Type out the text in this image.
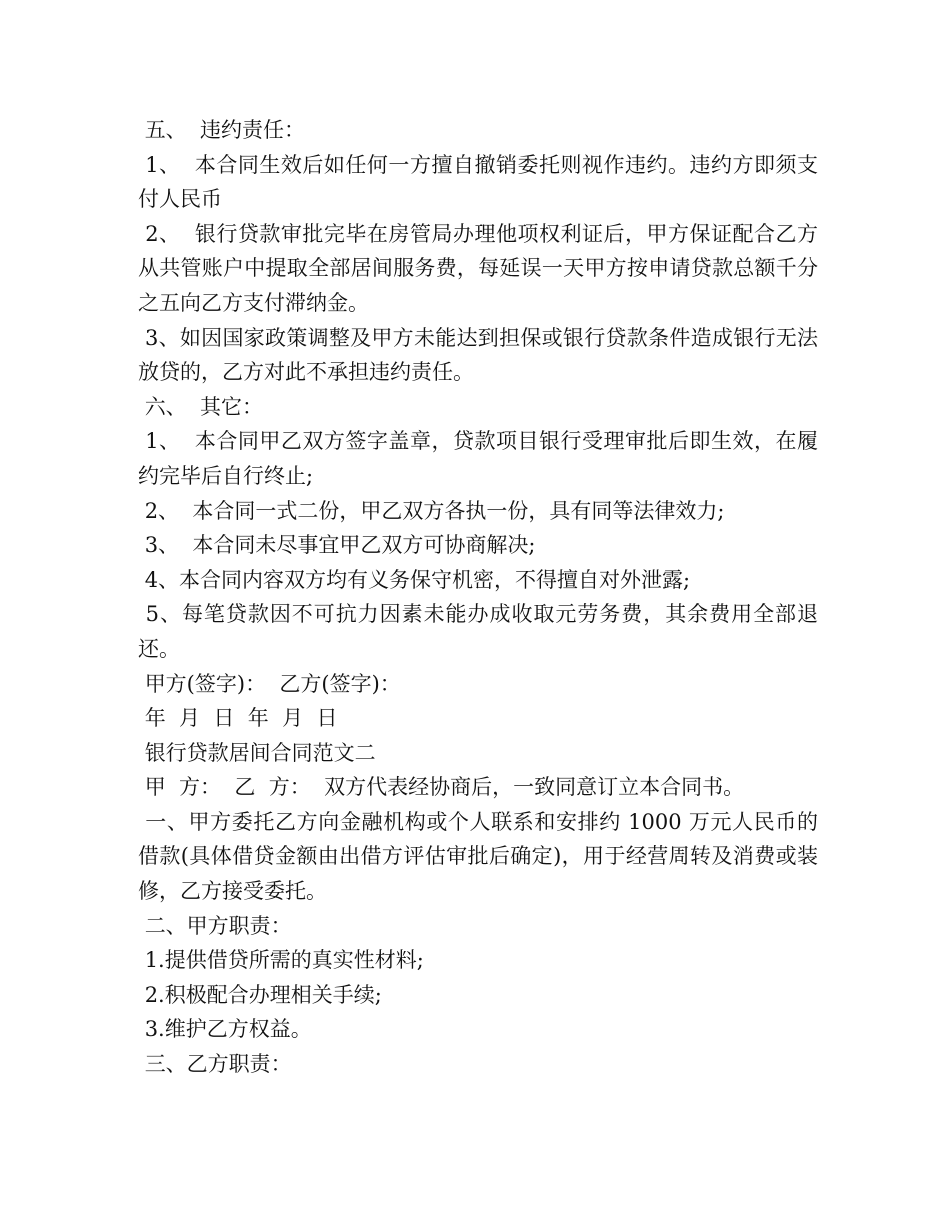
五、  违约责任：

1、  本合同生效后如任何一方擅自撤销委托则视作违约。违约方即须支付人民币

2、  银行贷款审批完毕在房管局办理他项权利证后，甲方保证配合乙方从共管账户中提取全部居间服务费，每延误一天甲方按申请贷款总额千分之五向乙方支付滞纳金。

3、如因国家政策调整及甲方未能达到担保或银行贷款条件造成银行无法放贷的，乙方对此不承担违约责任。

六、  其它：

1、  本合同甲乙双方签字盖章，贷款项目银行受理审批后即生效，在履约完毕后自行终止;

2、  本合同一式二份，甲乙双方各执一份，具有同等法律效力;

3、  本合同未尽事宜甲乙双方可协商解决;

4、本合同内容双方均有义务保守机密，不得擅自对外泄露;

5、每笔贷款因不可抗力因素未能办成收取元劳务费，其余费用全部退还。

甲方(签字)：  乙方(签字)：

年  月  日  年  月  日

银行贷款居间合同范文二

甲  方：  乙  方：  双方代表经协商后，一致同意订立本合同书。

一、甲方委托乙方向金融机构或个人联系和安排约 1000 万元人民币的借款(具体借贷金额由出借方评估审批后确定)，用于经营周转及消费或装修，乙方接受委托。

二、甲方职责：

1.提供借贷所需的真实性材料;

2.积极配合办理相关手续;

3.维护乙方权益。

三、乙方职责：
